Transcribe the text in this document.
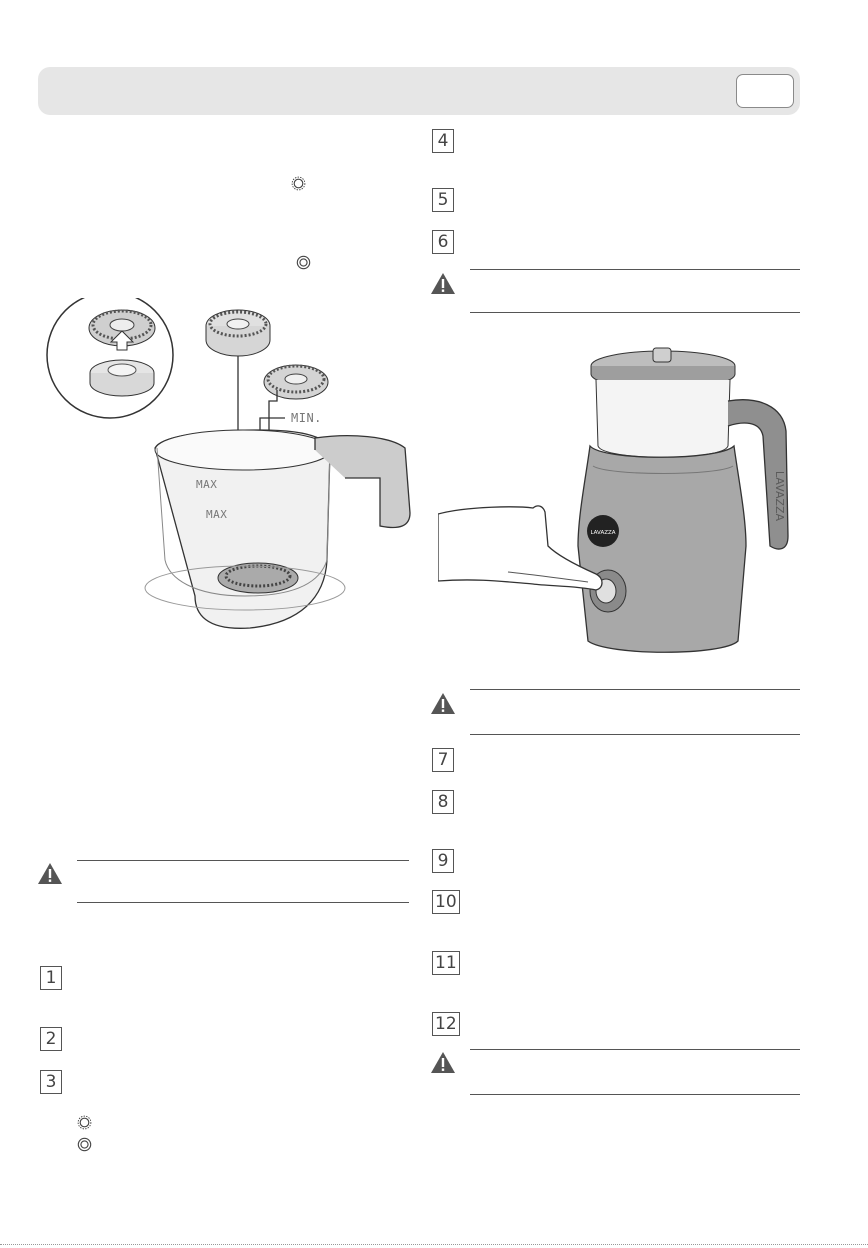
MIN.
MAX
MAX
1
2
3
4
5
6
LAVAZZA
LAVAZZA
7
8
9
10
11
12
